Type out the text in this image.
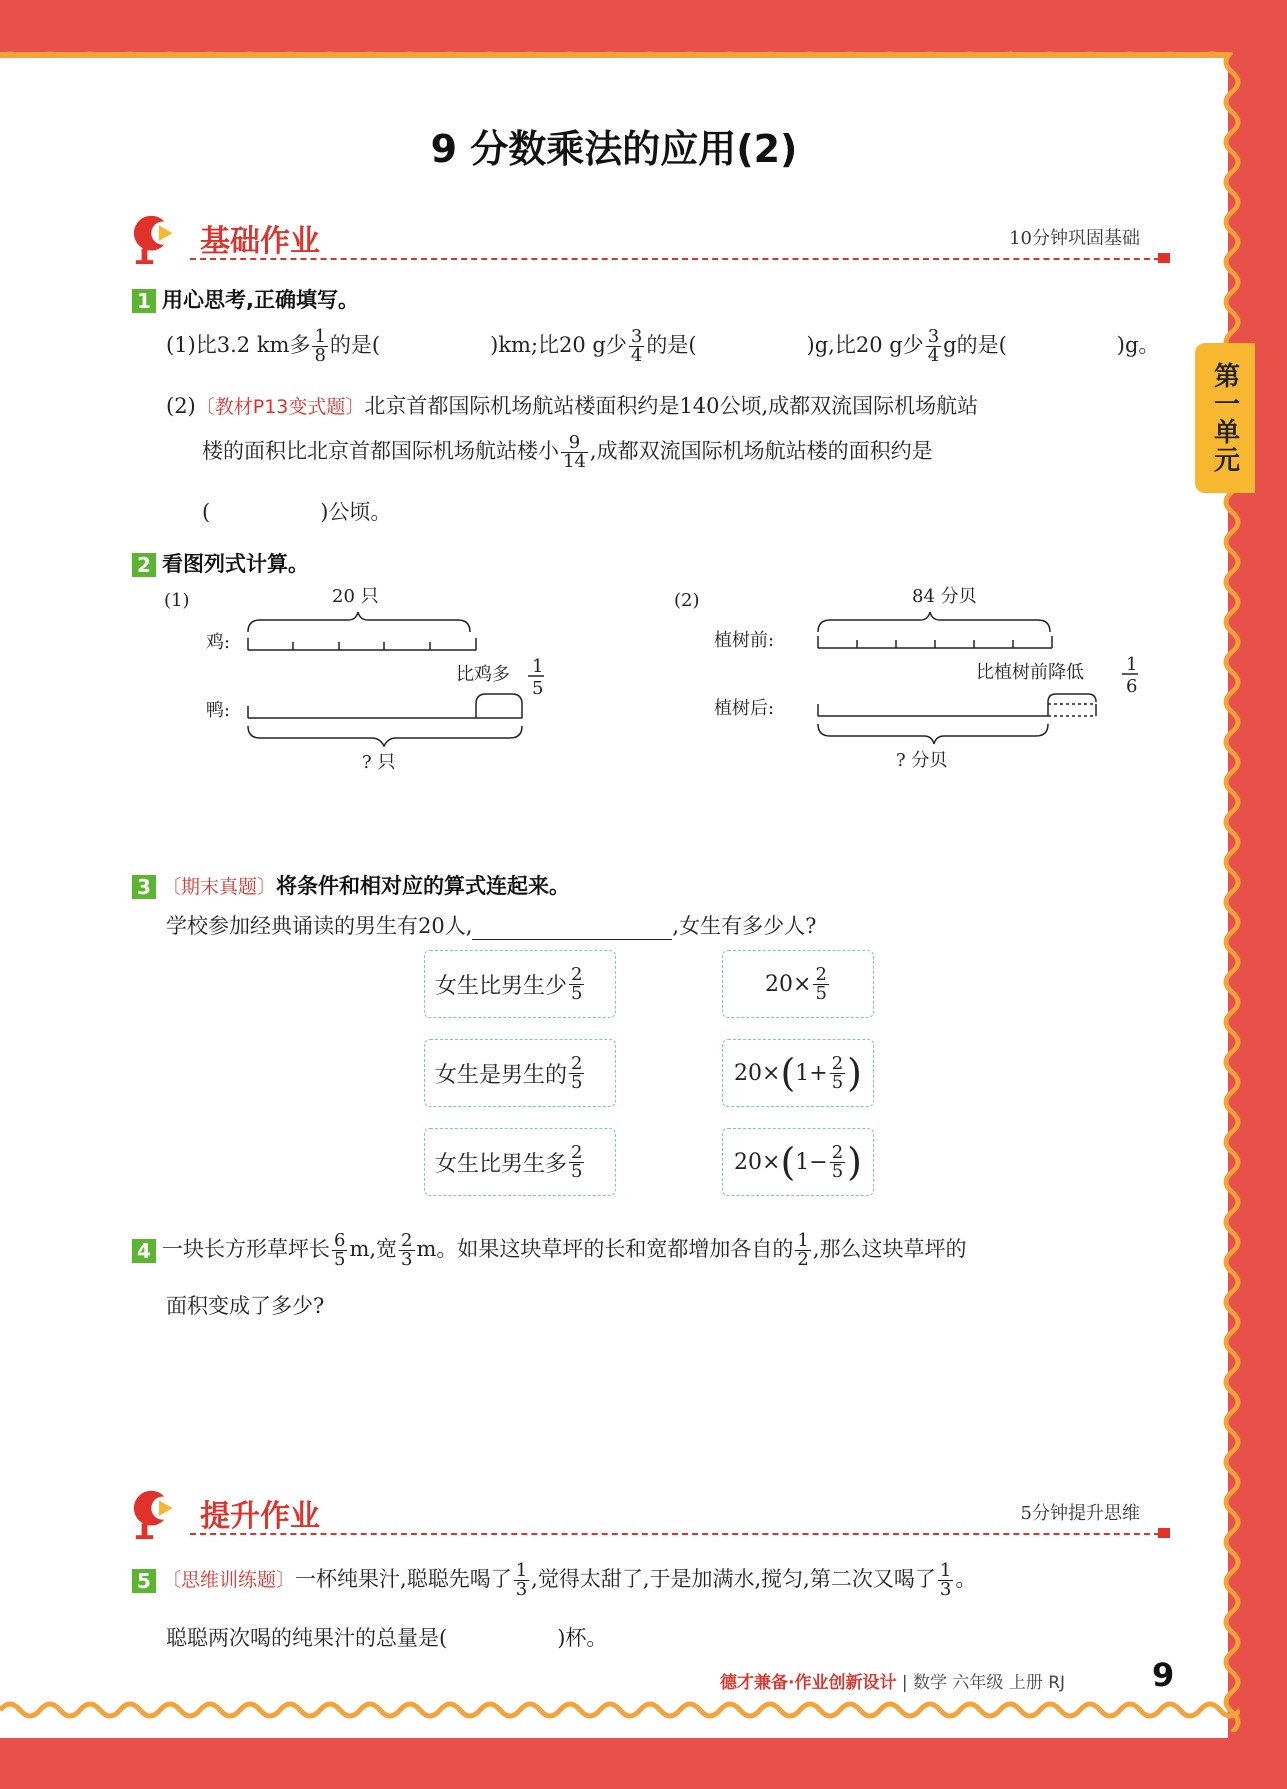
第一单元
9 分数乘法的应用(2)
基础作业	10分钟巩固基础
1 用心思考,正确填写。
(1)比3.2 km多 $\frac{1}{8}$ 的是(	)km;比20 g少 $\frac{3}{4}$ 的是(	)g,比20 g少 $\frac{3}{4}$ g的是(	)g。
(2)〔教材P13变式题〕北京首都国际机场航站楼面积约是140公顷,成都双流国际机场航站
楼的面积比北京首都国际机场航站楼小 $\frac{9}{14}$ ,成都双流国际机场航站楼的面积约是
(	)公顷。
2 看图列式计算。
(1)	20 只
鸡:
比鸡多 1
5
鸭:
? 只
(2)	84 分贝
植树前:
比植树前降低 1
6
植树后:
? 分贝
3 〔期末真题〕将条件和相对应的算式连起来。
学校参加经典诵读的男生有20人,	,女生有多少人?
女生比男生少 $\frac{2}{5}$
女生是男生的 $\frac{2}{5}$
女生比男生多 $\frac{2}{5}$
$20\times \frac{2}{5}$
20× ( $1+ \frac{2}{5}$ )
20× ( $1- \frac{2}{5}$ )
4 一块长方形草坪长 $\frac{6}{5} m$,宽 $\frac{2}{3}$ m。如果这块草坪的长和宽都增加各自的 $\frac{1}{2}$ ,那么这块草坪的
面积变成了多少?
提升作业	5分钟提升思维
5 〔思维训练题〕一杯纯果汁,聪聪先喝了 $\frac{1}{3}$ ,觉得太甜了,于是加满水,搅匀,第二次又喝了 $\frac{1}{3}$ 。
聪聪两次喝的纯果汁的总量是(	)杯。
德才兼备·作业创新设计 | 数学 六年级 上册 RJ	9
